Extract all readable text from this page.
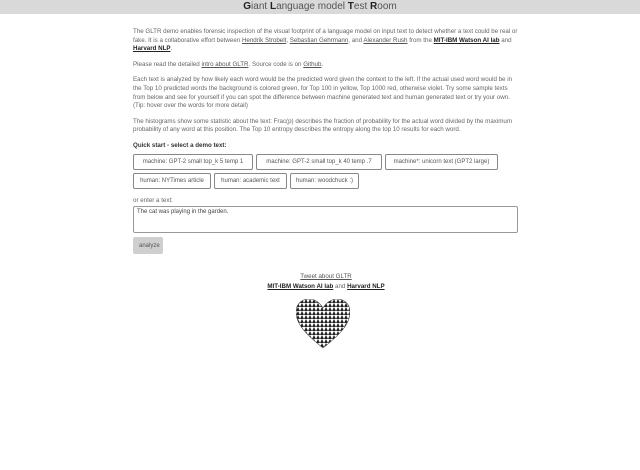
Giant Language model Test Room

The GLTR demo enables forensic inspection of the visual footprint of a language model on input text to detect whether a text could be real or fake. It is a collaborative effort between Hendrik Strobelt, Sebastian Gehrmann, and Alexander Rush from the MIT-IBM Watson AI lab and Harvard NLP.

Please read the detailed intro about GLTR. Source code is on Github.

Each text is analyzed by how likely each word would be the predicted word given the context to the left. If the actual used word would be in the Top 10 predicted words the background is colored green, for Top 100 in yellow, Top 1000 red, otherwise violet. Try some sample texts from below and see for yourself if you can spot the difference between machine generated text and human generated text or try your own. (Tip: hover over the words for more detail)

The histograms show some statistic about the text: Frac(p) describes the fraction of probability for the actual word divided by the maximum probability of any word at this position. The Top 10 entropy describes the entropy along the top 10 results for each word.

Quick start - select a demo text:
machine: GPT-2 small top_k 5 temp 1	machine: GPT-2 small top_k 40 temp .7	machine*: unicorn text (GPT2 large)
human: NYTimes article	human: academic text	human: woodchuck :)
or enter a text:
The cat was playing in the garden. analyze
Tweet about GLTR
MIT-IBM Watson AI lab and Harvard NLP
